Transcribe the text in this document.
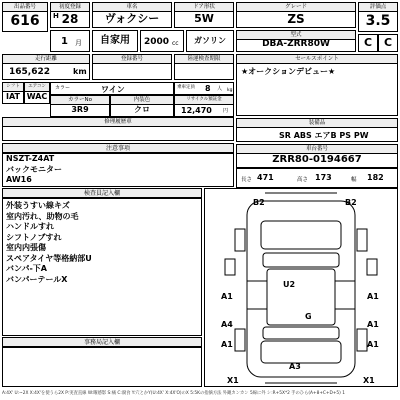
出品番号
616
初度登録
H 28
車名
ヴォクシー
ドア形状
5W
グレード
ZS
評価点
3.5
1 月	自家用	2000 cc	ガソリン
型式
DBA-ZRR80W	C	C
走行距離
165,622	km
登録番号	陸運検査期限	セールスポイント
★オークションデビュー★
シフト
IAT
エアコン
WAC
カラー	ワイン	乗車定員 8 人 kg
カラーNo
3R9
内装色
クロ
リサイクル預託金
12,470 円
修理履歴車	装備品
SR ABS エアB PS PW
注意事項
NSZT-Z4AT
バックモニター
AW16
車台番号
ZRR80-0194667
長さ 471	高さ 173	幅 182
検査員記入欄
外装うすい線キズ
室内汚れ、助物の毛
ハンドルすれ
シフトノブすれ
室内内張傷
スペアタイヤ等格納部U
バンパ-下A
バンパーテールX
事務局記入欄
B2
U2
B2
G
A1	A1
A4	A1
A1	A1
A3
X1	X1
A:4X' U:~2X X:4X'を使うら2X P:実査直線 W:曜感影 S:痛 C:腐食 Y:穴とかY(U:4X' X:4X'O)のX 5:5Kの指摘方法 外観カンカン 5線に外 シ:R+5X*2 手のひら(A+8+C+D+5) 1
